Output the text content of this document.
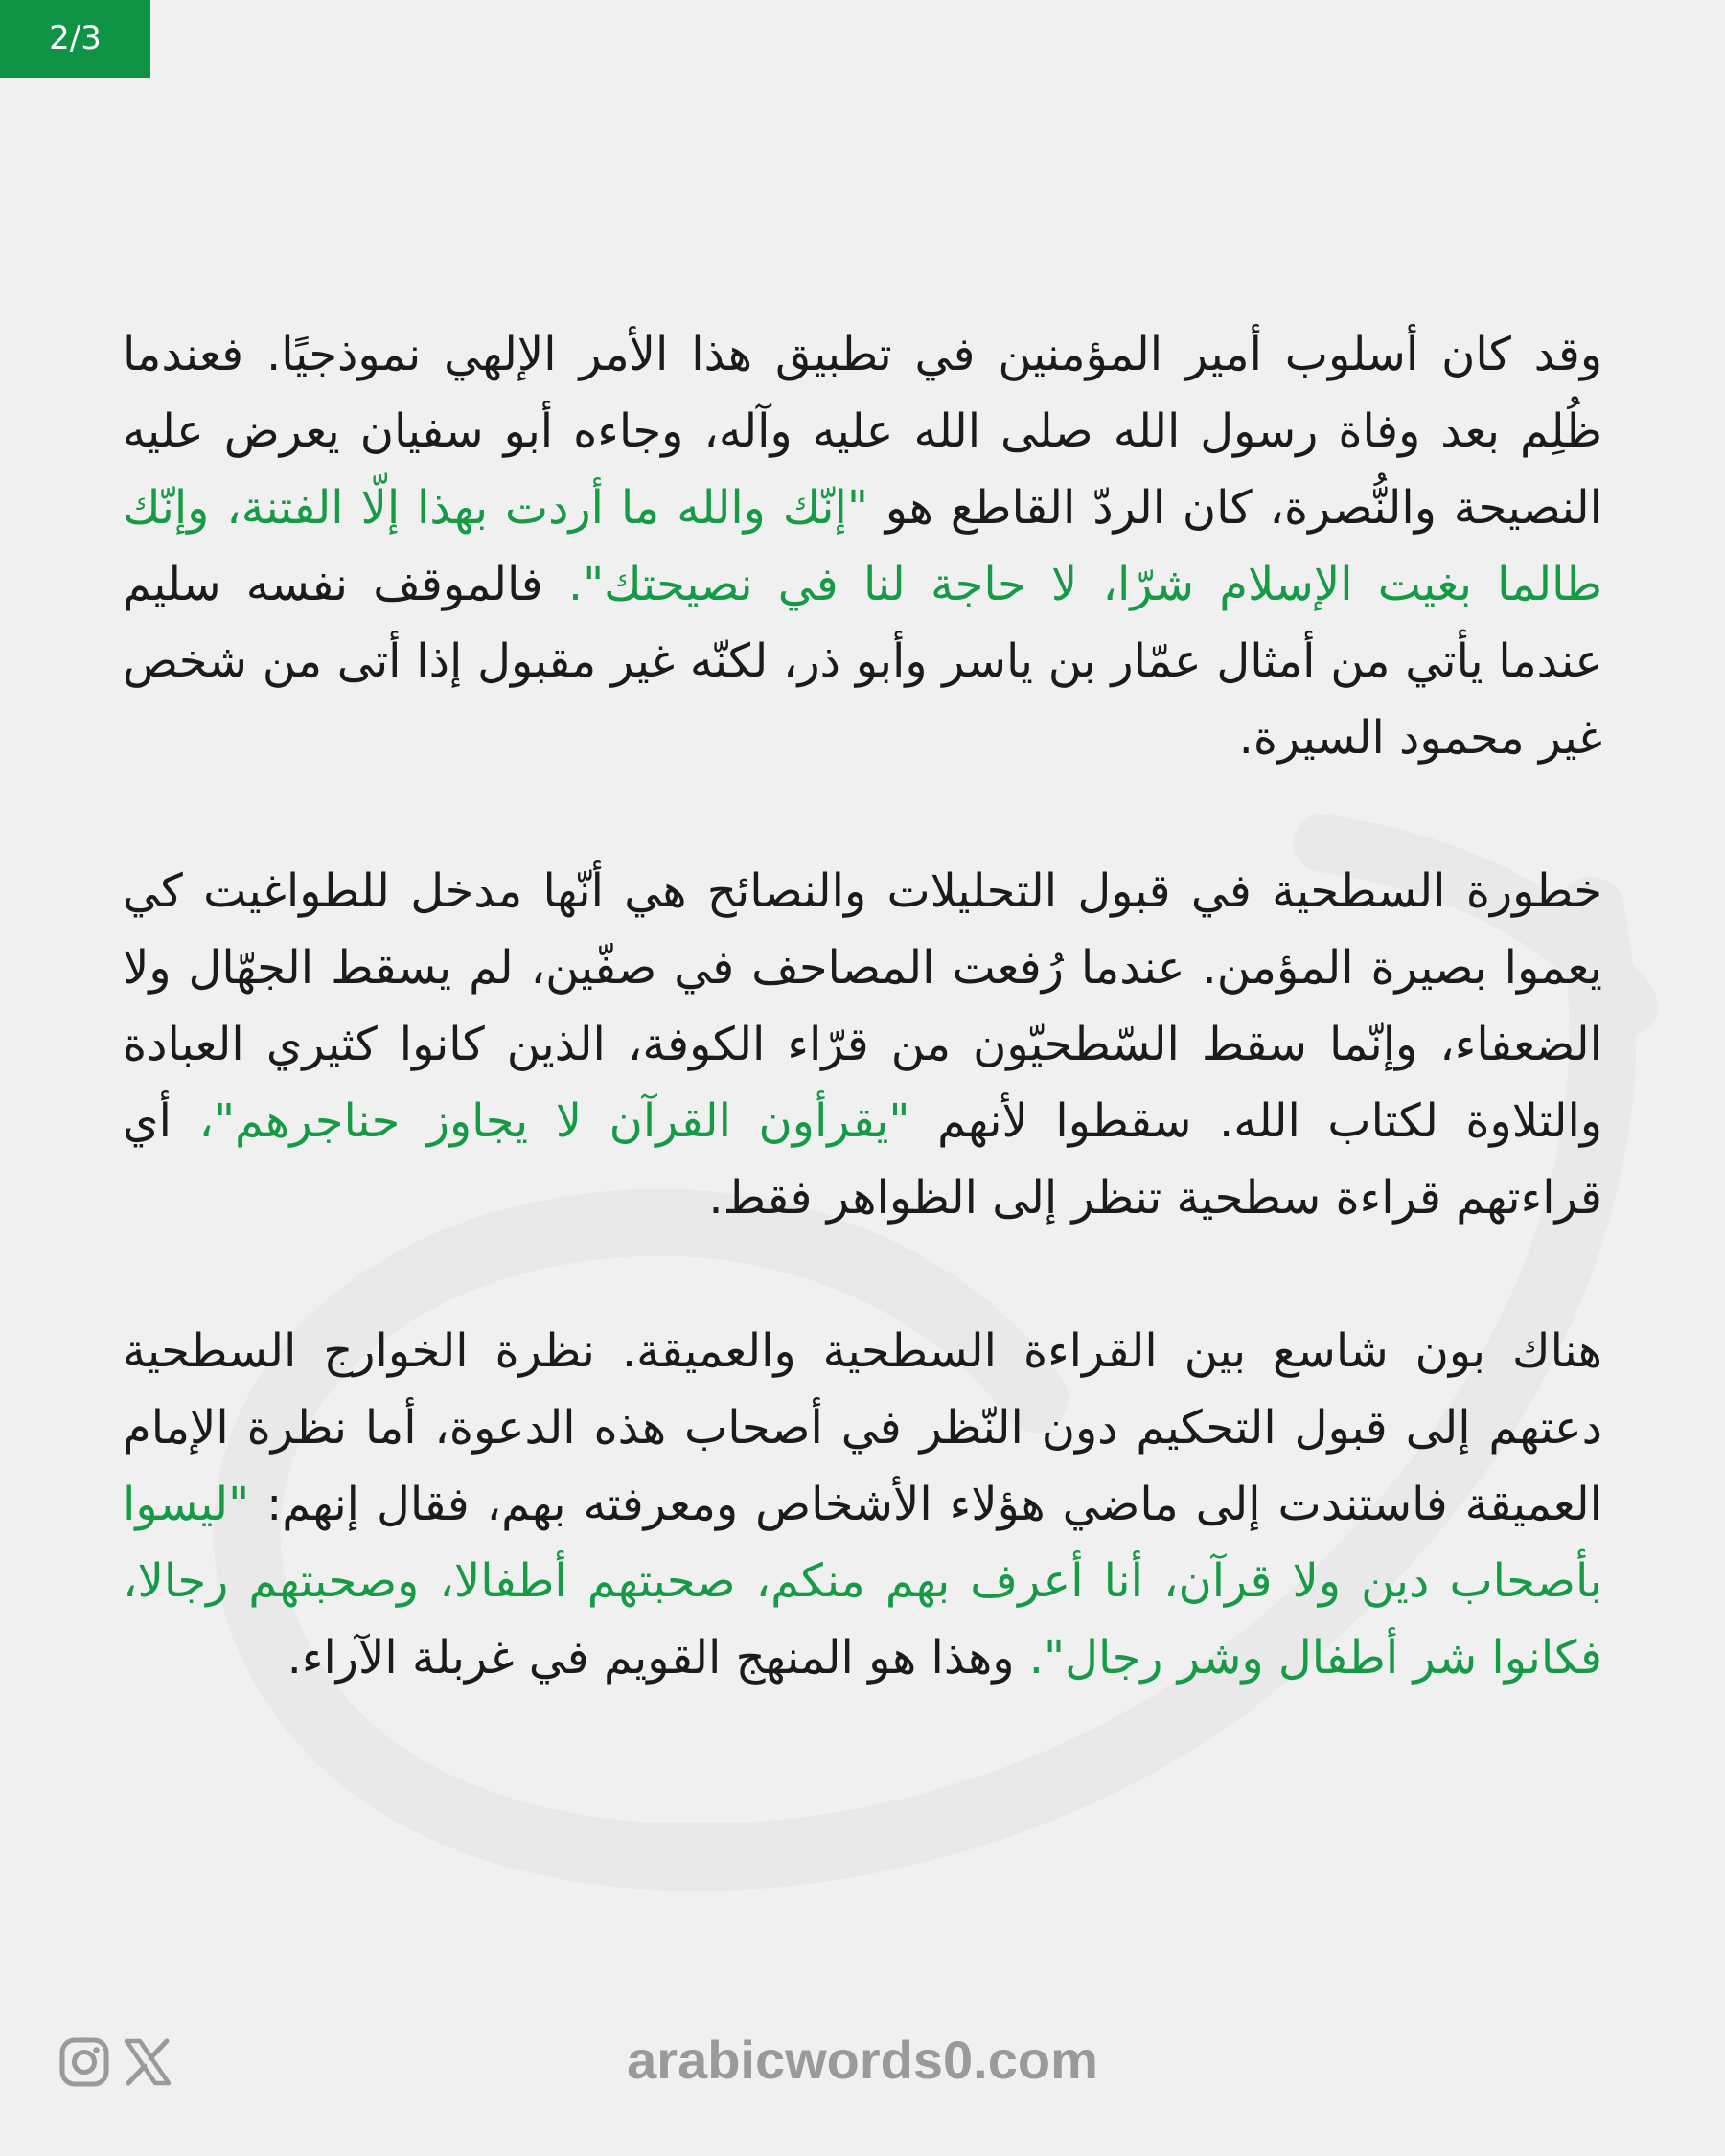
2/3

وقد كان أسلوب أمير المؤمنين في تطبيق هذا الأمر الإلهي نموذجيًا. فعندما ظُلِم بعد وفاة رسول الله صلى الله عليه وآله، وجاءه أبو سفيان يعرض عليه النصيحة والنُّصرة، كان الردّ القاطع هو "إنّك والله ما أردت بهذا إلّا الفتنة، وإنّك طالما بغيت الإسلام شرّا، لا حاجة لنا في نصيحتك". فالموقف نفسه سليم عندما يأتي من أمثال عمّار بن ياسر وأبو ذر، لكنّه غير مقبول إذا أتى من شخص غير محمود السيرة.

خطورة السطحية في قبول التحليلات والنصائح هي أنّها مدخل للطواغيت كي يعموا بصيرة المؤمن. عندما رُفعت المصاحف في صفّين، لم يسقط الجهّال ولا الضعفاء، وإنّما سقط السّطحيّون من قرّاء الكوفة، الذين كانوا كثيري العبادة والتلاوة لكتاب الله. سقطوا لأنهم "يقرأون القرآن لا يجاوز حناجرهم"، أي قراءتهم قراءة سطحية تنظر إلى الظواهر فقط.

هناك بون شاسع بين القراءة السطحية والعميقة. نظرة الخوارج السطحية دعتهم إلى قبول التحكيم دون النّظر في أصحاب هذه الدعوة، أما نظرة الإمام العميقة فاستندت إلى ماضي هؤلاء الأشخاص ومعرفته بهم، فقال إنهم: "ليسوا بأصحاب دين ولا قرآن، أنا أعرف بهم منكم، صحبتهم أطفالا، وصحبتهم رجالا، فكانوا شر أطفال وشر رجال". وهذا هو المنهج القويم في غربلة الآراء.

arabicwords0.com
